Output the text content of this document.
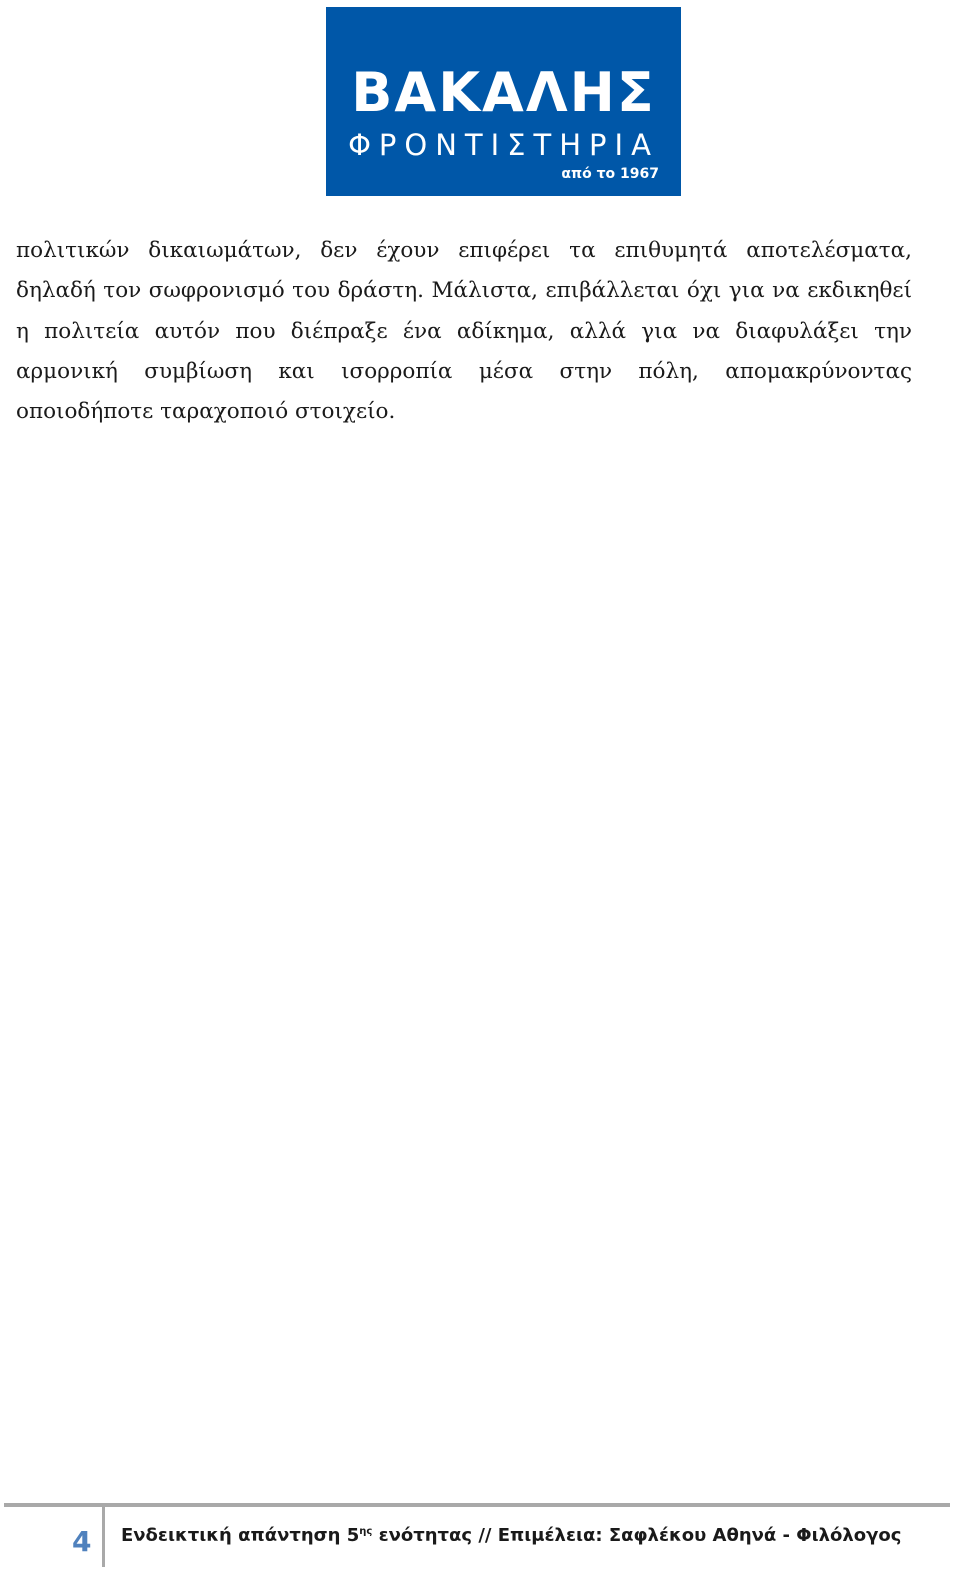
ΒΑΚΑΛΗΣ
ΦΡΟΝΤΙΣΤΗΡΙΑ
από το 1967

πολιτικών δικαιωμάτων, δεν έχουν επιφέρει τα επιθυμητά αποτελέσματα, δηλαδή τον σωφρονισμό του δράστη. Μάλιστα, επιβάλλεται όχι για να εκδικηθεί η πολιτεία αυτόν που διέπραξε ένα αδίκημα, αλλά για να διαφυλάξει την αρμονική συμβίωση και ισορροπία μέσα στην πόλη, απομακρύνοντας οποιοδήποτε ταραχοποιό στοιχείο.

4 Ενδεικτική απάντηση $5^{\eta\varsigma}$ ενότητας // Επιμέλεια: Σαφλέκου Αθηνά - Φιλόλογος
